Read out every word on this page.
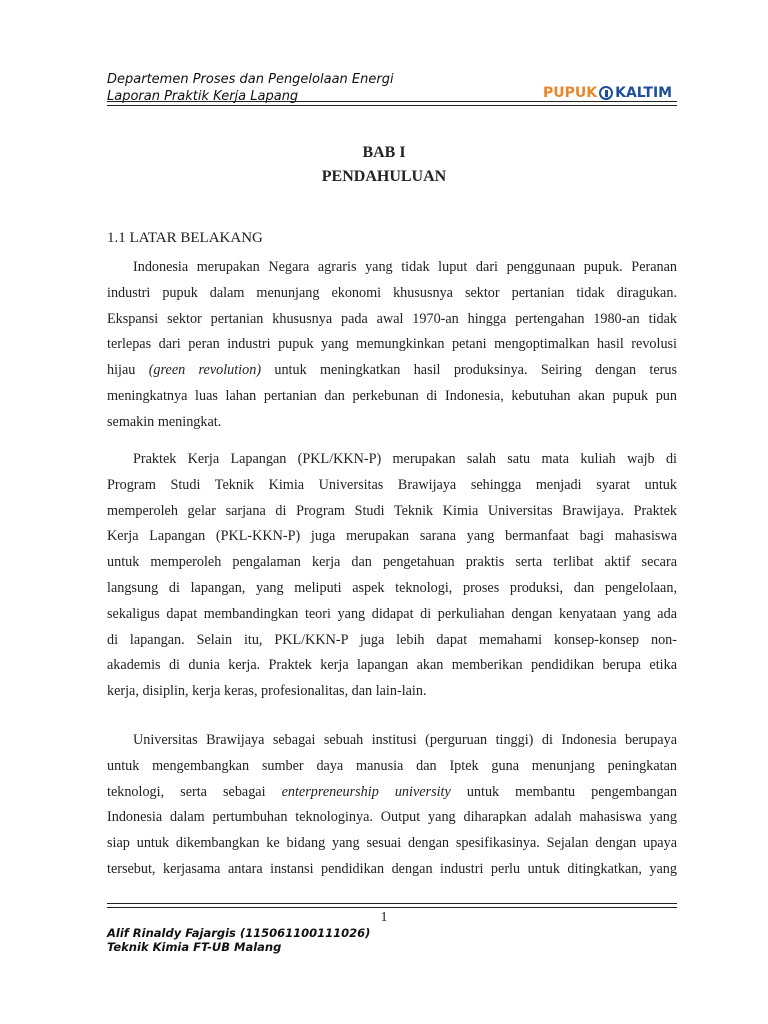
Departemen Proses dan Pengelolaan Energi
Laporan Praktik Kerja Lapang	PUPUK KALTIM
BAB I
PENDAHULUAN
1.1 LATAR BELAKANG
Indonesia merupakan Negara agraris yang tidak luput dari penggunaan pupuk. Peranan
industri pupuk dalam menunjang ekonomi khususnya sektor pertanian tidak diragukan.
Ekspansi sektor pertanian khususnya pada awal 1970-an hingga pertengahan 1980-an tidak
terlepas dari peran industri pupuk yang memungkinkan petani mengoptimalkan hasil revolusi
hijau (green revolution) untuk meningkatkan hasil produksinya. Seiring dengan terus
meningkatnya luas lahan pertanian dan perkebunan di Indonesia, kebutuhan akan pupuk pun
semakin meningkat.
Praktek Kerja Lapangan (PKL/KKN-P) merupakan salah satu mata kuliah wajb di
Program Studi Teknik Kimia Universitas Brawijaya sehingga menjadi syarat untuk
memperoleh gelar sarjana di Program Studi Teknik Kimia Universitas Brawijaya. Praktek
Kerja Lapangan (PKL-KKN-P) juga merupakan sarana yang bermanfaat bagi mahasiswa
untuk memperoleh pengalaman kerja dan pengetahuan praktis serta terlibat aktif secara
langsung di lapangan, yang meliputi aspek teknologi, proses produksi, dan pengelolaan,
sekaligus dapat membandingkan teori yang didapat di perkuliahan dengan kenyataan yang ada
di lapangan. Selain itu, PKL/KKN-P juga lebih dapat memahami konsep-konsep non-
akademis di dunia kerja. Praktek kerja lapangan akan memberikan pendidikan berupa etika
kerja, disiplin, kerja keras, profesionalitas, dan lain-lain.
Universitas Brawijaya sebagai sebuah institusi (perguruan tinggi) di Indonesia berupaya
untuk mengembangkan sumber daya manusia dan Iptek guna menunjang peningkatan
teknologi, serta sebagai enterpreneurship university untuk membantu pengembangan
Indonesia dalam pertumbuhan teknologinya. Output yang diharapkan adalah mahasiswa yang
siap untuk dikembangkan ke bidang yang sesuai dengan spesifikasinya. Sejalan dengan upaya
tersebut, kerjasama antara instansi pendidikan dengan industri perlu untuk ditingkatkan, yang
1
Alif Rinaldy Fajargis (115061100111026)
Teknik Kimia FT-UB Malang
